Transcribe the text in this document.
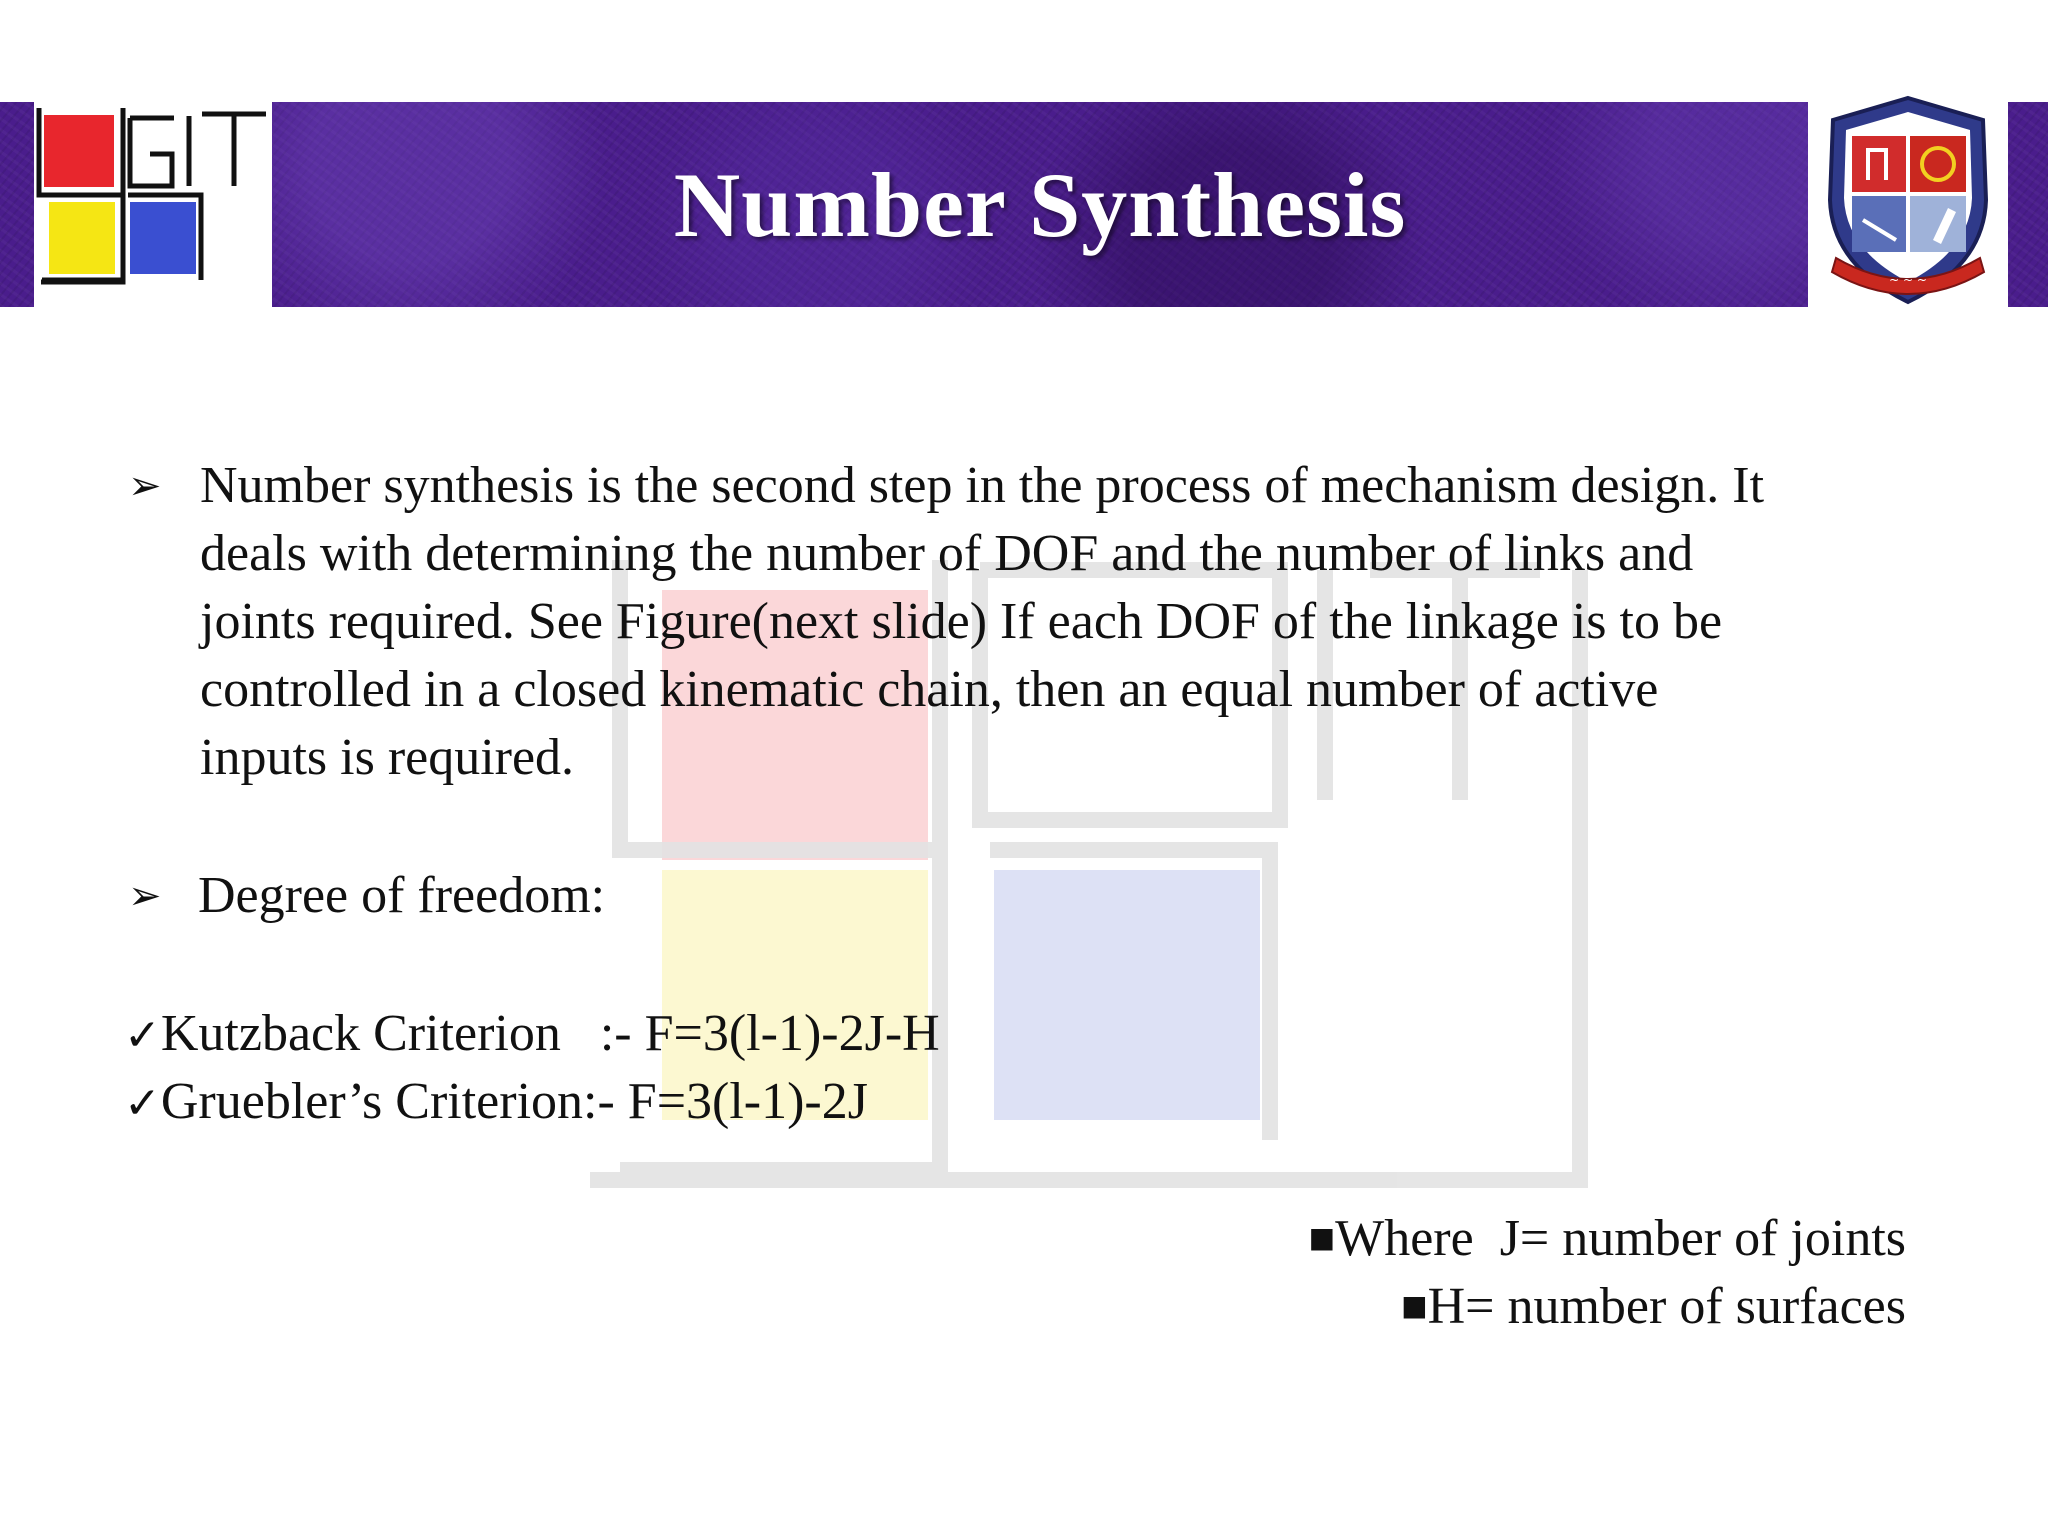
Number Synthesis
~ ~ ~
➢ Number synthesis is the second step in the process of mechanism design. It
deals with determining the number of DOF and the number of links and
joints required. See Figure(next slide) If each DOF of the linkage is to be
controlled in a closed kinematic chain, then an equal number of active
inputs is required.
➢ Degree of freedom:
✓Kutzback Criterion   :- F=3(l-1)-2J-H
✓Gruebler’s Criterion:- F=3(l-1)-2J
■Where  J= number of joints
■H= number of surfaces
